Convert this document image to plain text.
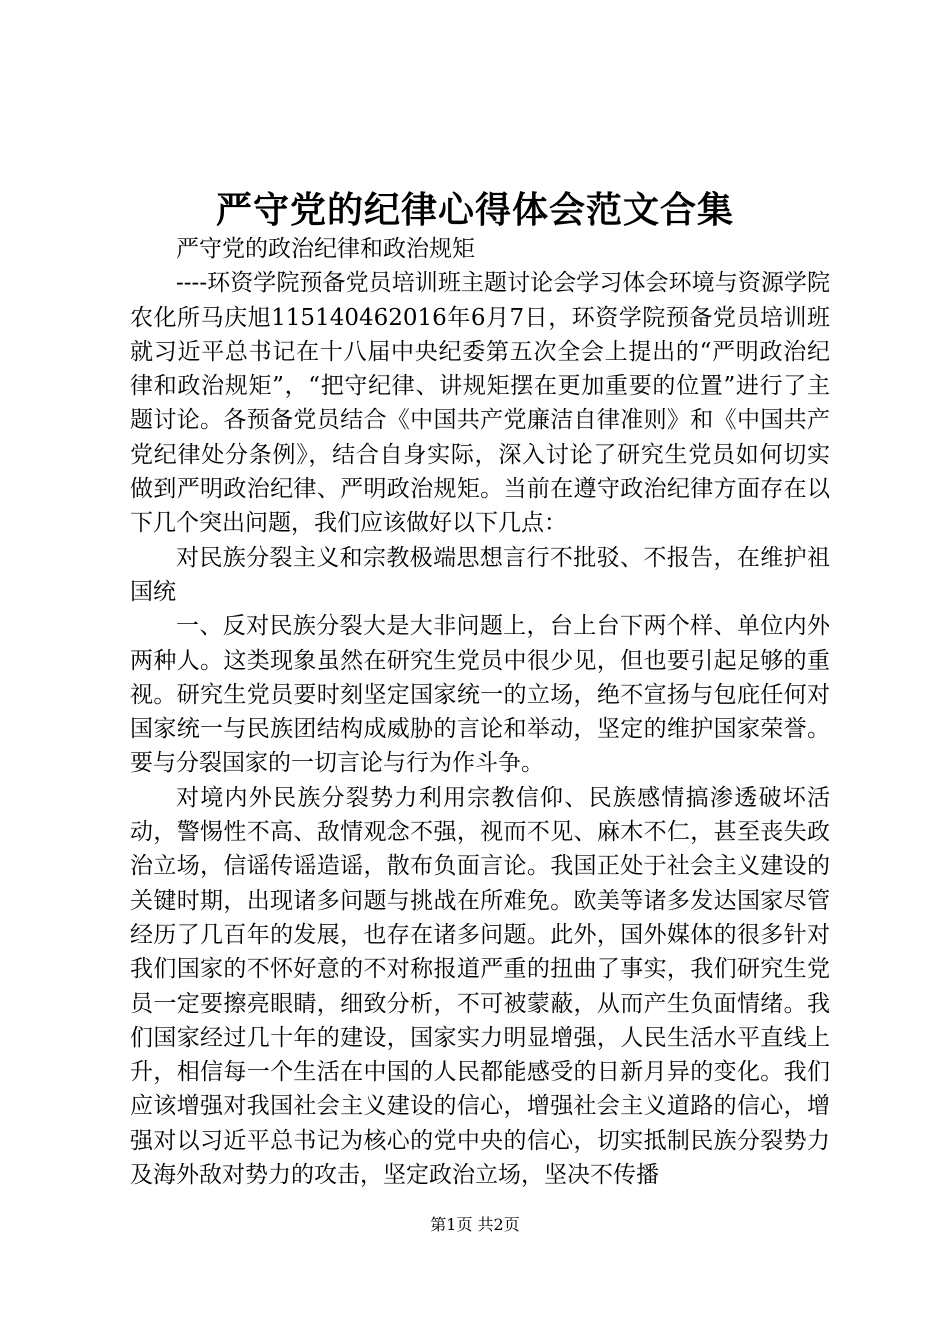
严守党的纪律心得体会范文合集

严守党的政治纪律和政治规矩

----环资学院预备党员培训班主题讨论会学习体会环境与资源学院农化所马庆旭115140462016年6月7日，环资学院预备党员培训班就习近平总书记在十八届中央纪委第五次全会上提出的“严明政治纪律和政治规矩”，“把守纪律、讲规矩摆在更加重要的位置”进行了主题讨论。各预备党员结合《中国共产党廉洁自律准则》和《中国共产党纪律处分条例》，结合自身实际，深入讨论了研究生党员如何切实做到严明政治纪律、严明政治规矩。当前在遵守政治纪律方面存在以下几个突出问题，我们应该做好以下几点：

对民族分裂主义和宗教极端思想言行不批驳、不报告，在维护祖国统

一、反对民族分裂大是大非问题上，台上台下两个样、单位内外两种人。这类现象虽然在研究生党员中很少见，但也要引起足够的重视。研究生党员要时刻坚定国家统一的立场，绝不宣扬与包庇任何对国家统一与民族团结构成威胁的言论和举动，坚定的维护国家荣誉。要与分裂国家的一切言论与行为作斗争。

对境内外民族分裂势力利用宗教信仰、民族感情搞渗透破坏活动，警惕性不高、敌情观念不强，视而不见、麻木不仁，甚至丧失政治立场，信谣传谣造谣，散布负面言论。我国正处于社会主义建设的关键时期，出现诸多问题与挑战在所难免。欧美等诸多发达国家尽管经历了几百年的发展，也存在诸多问题。此外，国外媒体的很多针对我们国家的不怀好意的不对称报道严重的扭曲了事实，我们研究生党员一定要擦亮眼睛，细致分析，不可被蒙蔽，从而产生负面情绪。我们国家经过几十年的建设，国家实力明显增强，人民生活水平直线上升，相信每一个生活在中国的人民都能感受的日新月异的变化。我们应该增强对我国社会主义建设的信心，增强社会主义道路的信心，增强对以习近平总书记为核心的党中央的信心，切实抵制民族分裂势力及海外敌对势力的攻击，坚定政治立场，坚决不传播

第1页 共2页
